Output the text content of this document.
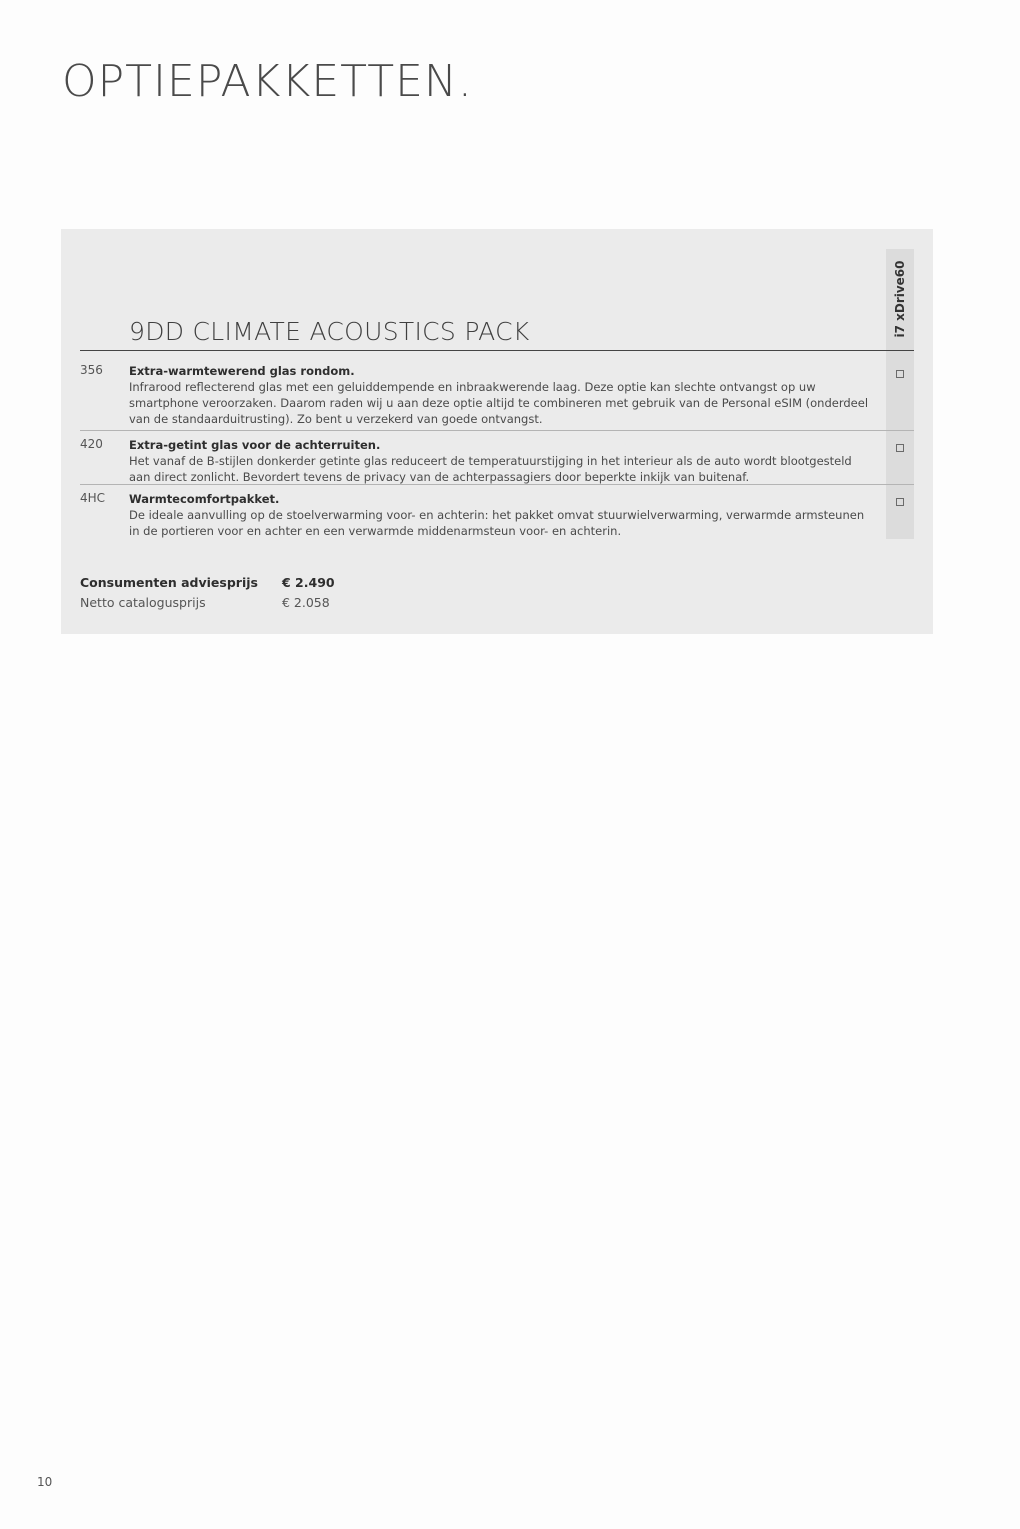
OPTIEPAKKETTEN.
i7 xDrive60
9DD CLIMATE ACOUSTICS PACK
356 Extra-warmtewerend glas rondom.
Infrarood reflecterend glas met een geluiddempende en inbraakwerende laag. Deze optie kan slechte ontvangst op uw smartphone veroorzaken. Daarom raden wij u aan deze optie altijd te combineren met gebruik van de Personal eSIM (onderdeel van de standaarduitrusting). Zo bent u verzekerd van goede ontvangst.
420 Extra-getint glas voor de achterruiten.
Het vanaf de B-stijlen donkerder getinte glas reduceert de temperatuurstijging in het interieur als de auto wordt blootgesteld aan direct zonlicht. Bevordert tevens de privacy van de achterpassagiers door beperkte inkijk van buitenaf.
4HC Warmtecomfortpakket.
De ideale aanvulling op de stoelverwarming voor- en achterin: het pakket omvat stuurwielverwarming, verwarmde armsteunen in de portieren voor en achter en een verwarmde middenarmsteun voor- en achterin.
Consumenten adviesprijs € 2.490
Netto catalogusprijs	€ 2.058
10
